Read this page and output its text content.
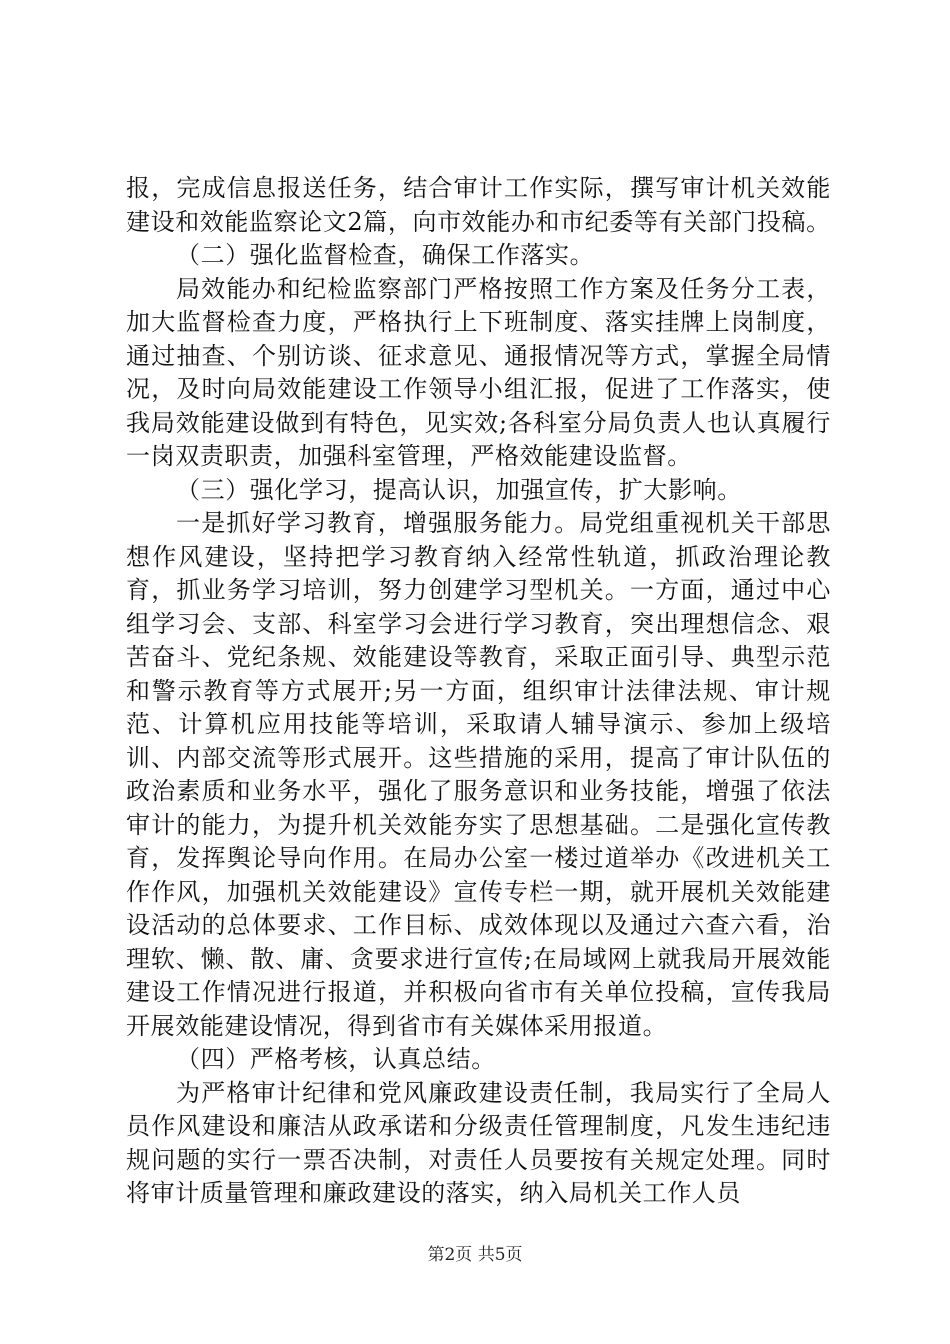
报，完成信息报送任务，结合审计工作实际，撰写审计机关效能建设和效能监察论文2篇，向市效能办和市纪委等有关部门投稿。

（二）强化监督检查，确保工作落实。

局效能办和纪检监察部门严格按照工作方案及任务分工表，加大监督检查力度，严格执行上下班制度、落实挂牌上岗制度，通过抽查、个别访谈、征求意见、通报情况等方式，掌握全局情况，及时向局效能建设工作领导小组汇报，促进了工作落实，使我局效能建设做到有特色，见实效;各科室分局负责人也认真履行一岗双责职责，加强科室管理，严格效能建设监督。

（三）强化学习，提高认识，加强宣传，扩大影响。

一是抓好学习教育，增强服务能力。局党组重视机关干部思想作风建设，坚持把学习教育纳入经常性轨道，抓政治理论教育，抓业务学习培训，努力创建学习型机关。一方面，通过中心组学习会、支部、科室学习会进行学习教育，突出理想信念、艰苦奋斗、党纪条规、效能建设等教育，采取正面引导、典型示范和警示教育等方式展开;另一方面，组织审计法律法规、审计规范、计算机应用技能等培训，采取请人辅导演示、参加上级培训、内部交流等形式展开。这些措施的采用，提高了审计队伍的政治素质和业务水平，强化了服务意识和业务技能，增强了依法审计的能力，为提升机关效能夯实了思想基础。二是强化宣传教育，发挥舆论导向作用。在局办公室一楼过道举办《改进机关工作作风，加强机关效能建设》宣传专栏一期，就开展机关效能建设活动的总体要求、工作目标、成效体现以及通过六查六看，治理软、懒、散、庸、贪要求进行宣传;在局域网上就我局开展效能建设工作情况进行报道，并积极向省市有关单位投稿，宣传我局开展效能建设情况，得到省市有关媒体采用报道。

（四）严格考核，认真总结。

为严格审计纪律和党风廉政建设责任制，我局实行了全局人员作风建设和廉洁从政承诺和分级责任管理制度，凡发生违纪违规问题的实行一票否决制，对责任人员要按有关规定处理。同时将审计质量管理和廉政建设的落实，纳入局机关工作人员

第2页 共5页
